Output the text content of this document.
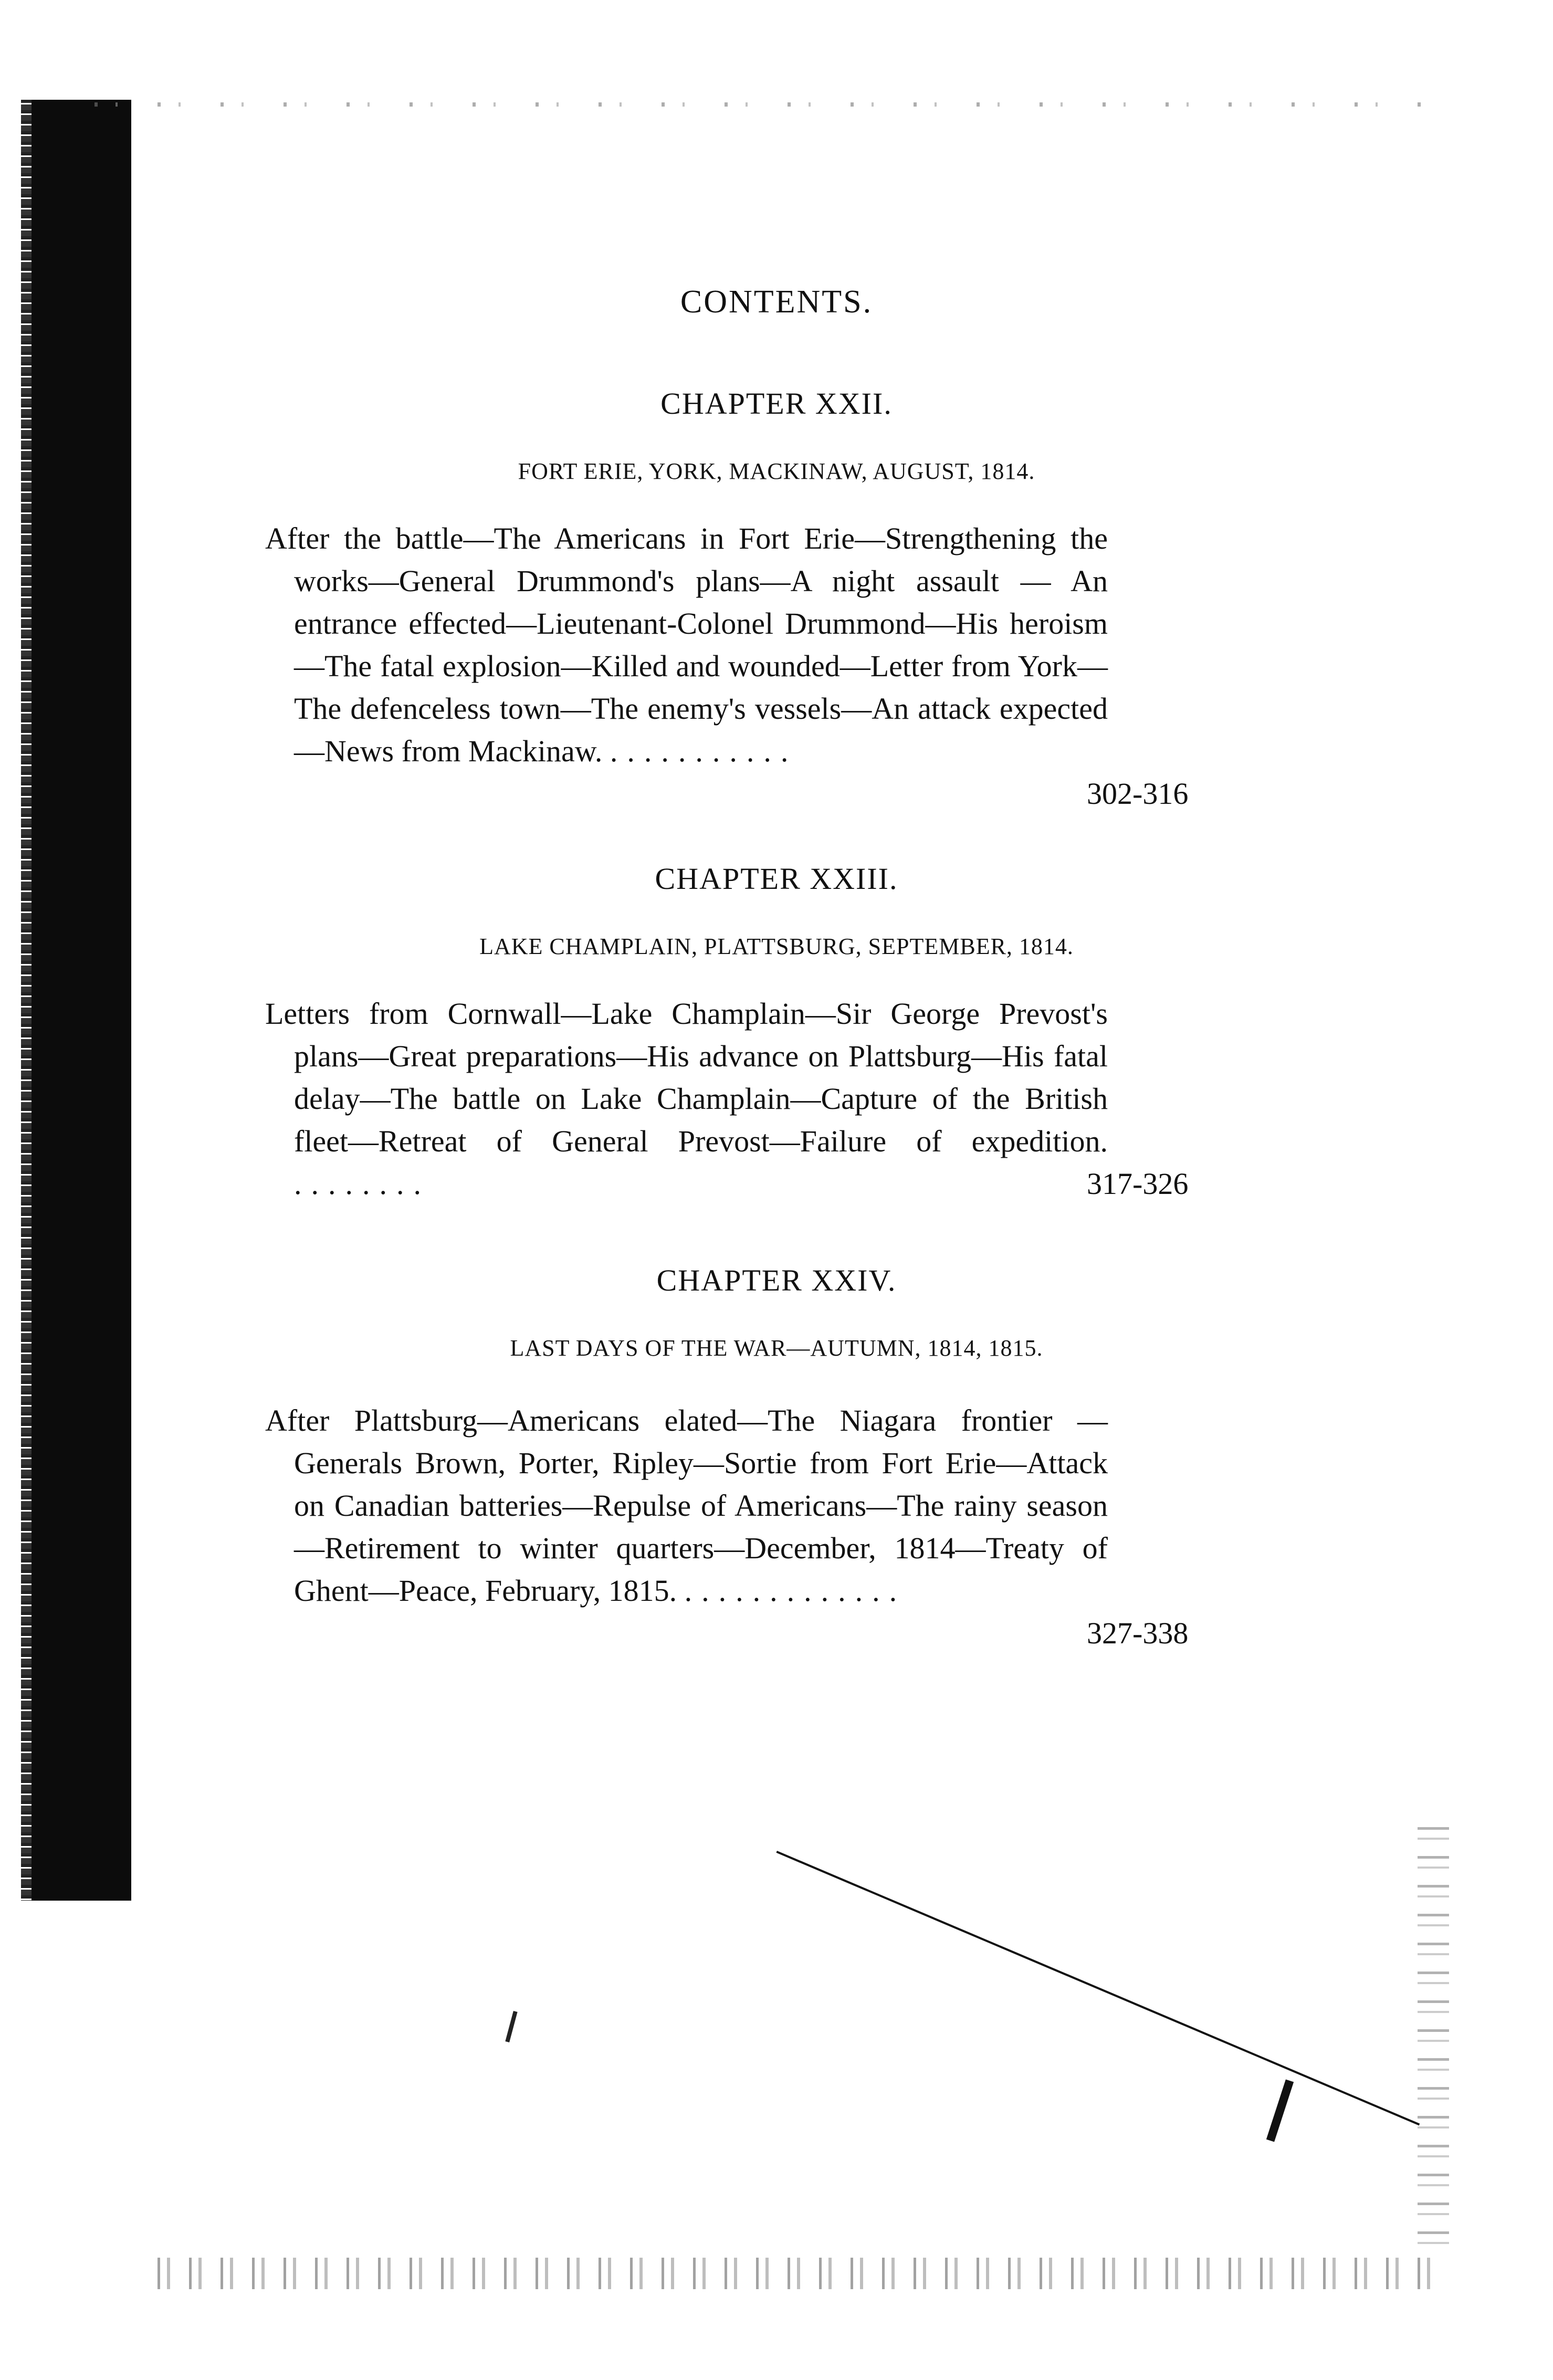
CONTENTS.
CHAPTER XXII.
FORT ERIE, YORK, MACKINAW, AUGUST, 1814.
After the battle—The Americans in Fort Erie—Strengthening the works—General Drummond's plans—A night assault — An entrance effected—Lieutenant-Colonel Drummond—His heroism—The fatal explosion—Killed and wounded—Letter from York—The defenceless town—The enemy's vessels—An attack expected—News from Mackinaw. ...........
302-316
CHAPTER XXIII.
LAKE CHAMPLAIN, PLATTSBURG, SEPTEMBER, 1814.
Letters from Cornwall—Lake Champlain—Sir George Prevost's plans—Great preparations—His advance on Plattsburg—His fatal delay—The battle on Lake Champlain—Capture of the British fleet—Retreat of General Prevost—Failure of expedition. ........	317-326
CHAPTER XXIV.
LAST DAYS OF THE WAR—AUTUMN, 1814, 1815.
After Plattsburg—Americans elated—The Niagara frontier —Generals Brown, Porter, Ripley—Sortie from Fort Erie—Attack on Canadian batteries—Repulse of Americans—The rainy season—Retirement to winter quarters—December, 1814—Treaty of Ghent—Peace, February, 1815. .............
327-338
